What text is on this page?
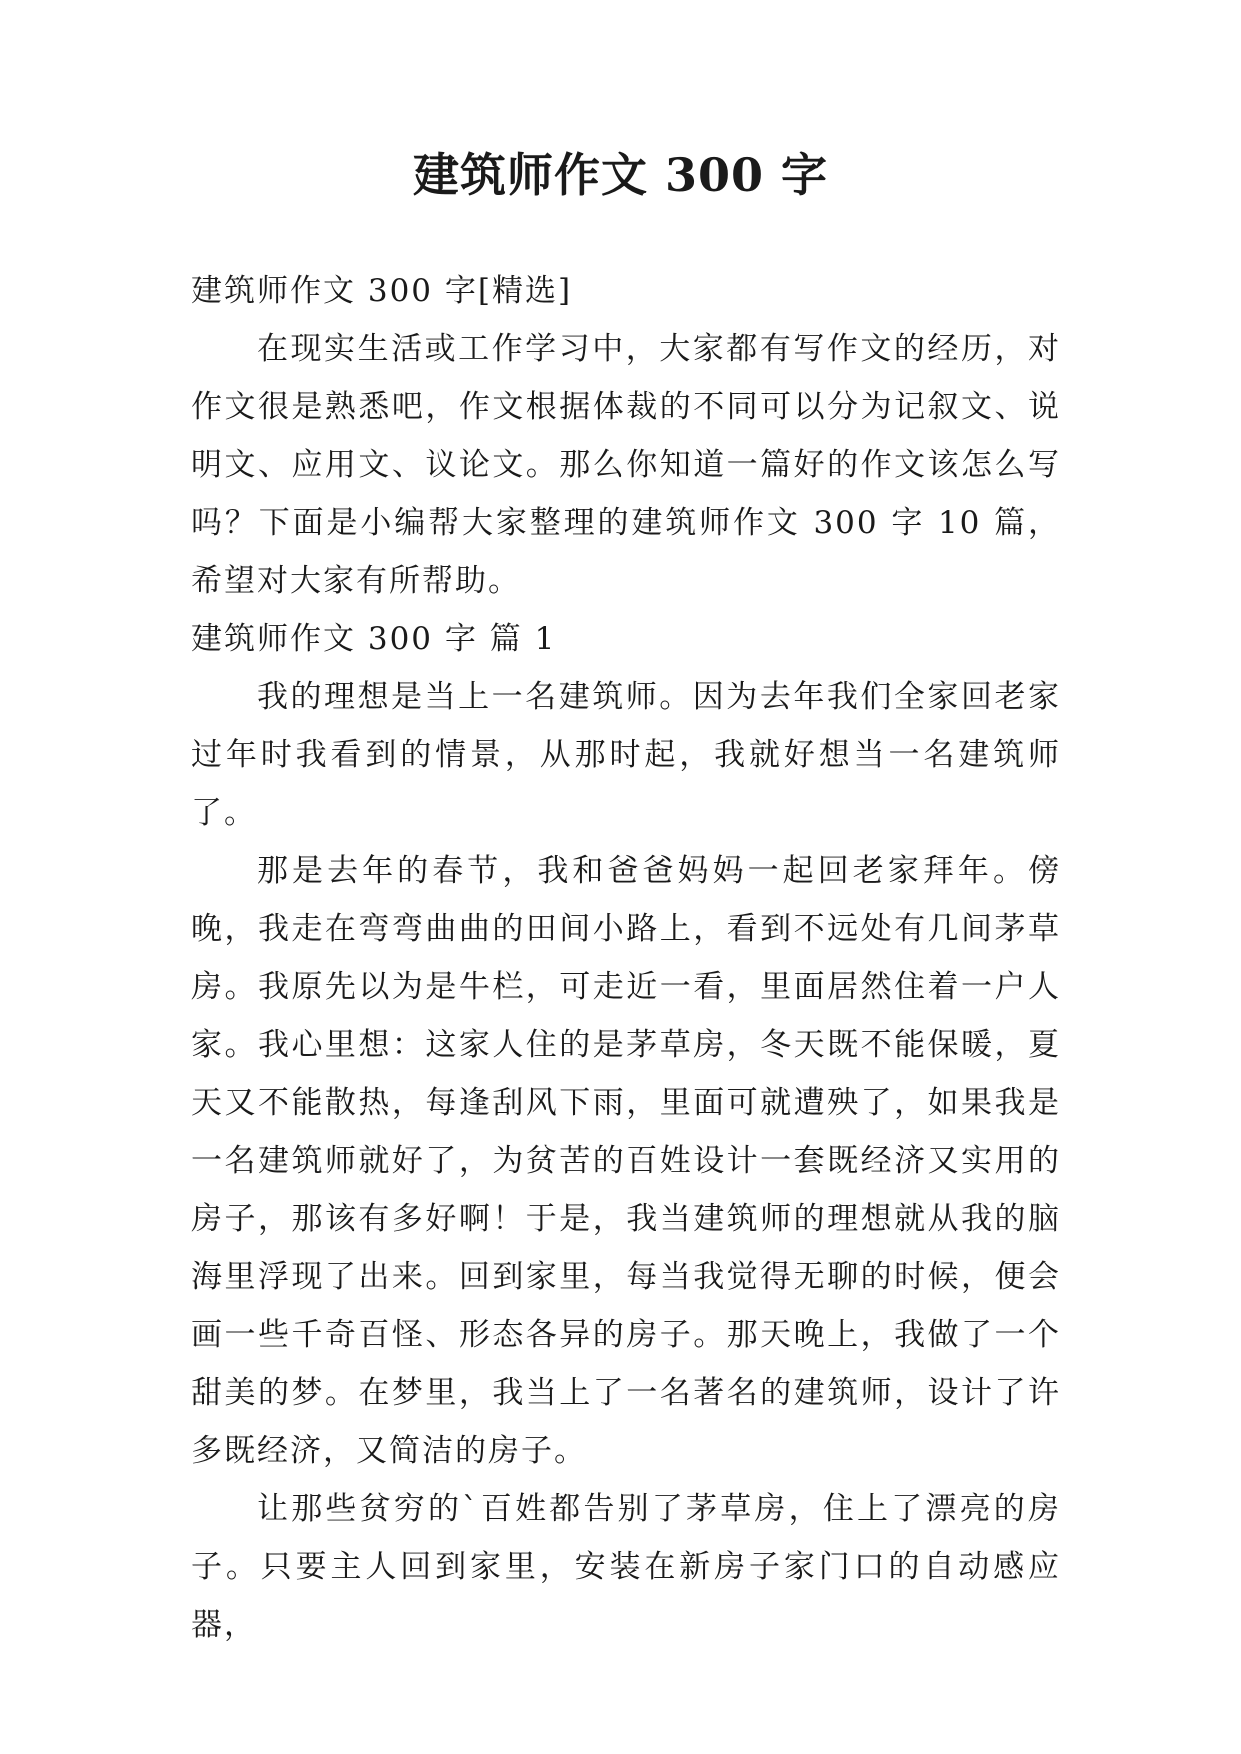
建筑师作文 300 字

建筑师作文 300 字[精选]

在现实生活或工作学习中，大家都有写作文的经历，对作文很是熟悉吧，作文根据体裁的不同可以分为记叙文、说明文、应用文、议论文。那么你知道一篇好的作文该怎么写吗？下面是小编帮大家整理的建筑师作文 300 字 10 篇，希望对大家有所帮助。

建筑师作文 300 字 篇 1

我的理想是当上一名建筑师。因为去年我们全家回老家过年时我看到的情景，从那时起，我就好想当一名建筑师了。

那是去年的春节，我和爸爸妈妈一起回老家拜年。傍晚，我走在弯弯曲曲的田间小路上，看到不远处有几间茅草房。我原先以为是牛栏，可走近一看，里面居然住着一户人家。我心里想：这家人住的是茅草房，冬天既不能保暖，夏天又不能散热，每逢刮风下雨，里面可就遭殃了，如果我是一名建筑师就好了，为贫苦的百姓设计一套既经济又实用的房子，那该有多好啊！于是，我当建筑师的理想就从我的脑海里浮现了出来。回到家里，每当我觉得无聊的时候，便会画一些千奇百怪、形态各异的房子。那天晚上，我做了一个甜美的梦。在梦里，我当上了一名著名的建筑师，设计了许多既经济，又简洁的房子。

让那些贫穷的`百姓都告别了茅草房，住上了漂亮的房子。只要主人回到家里，安装在新房子家门口的自动感应器，
